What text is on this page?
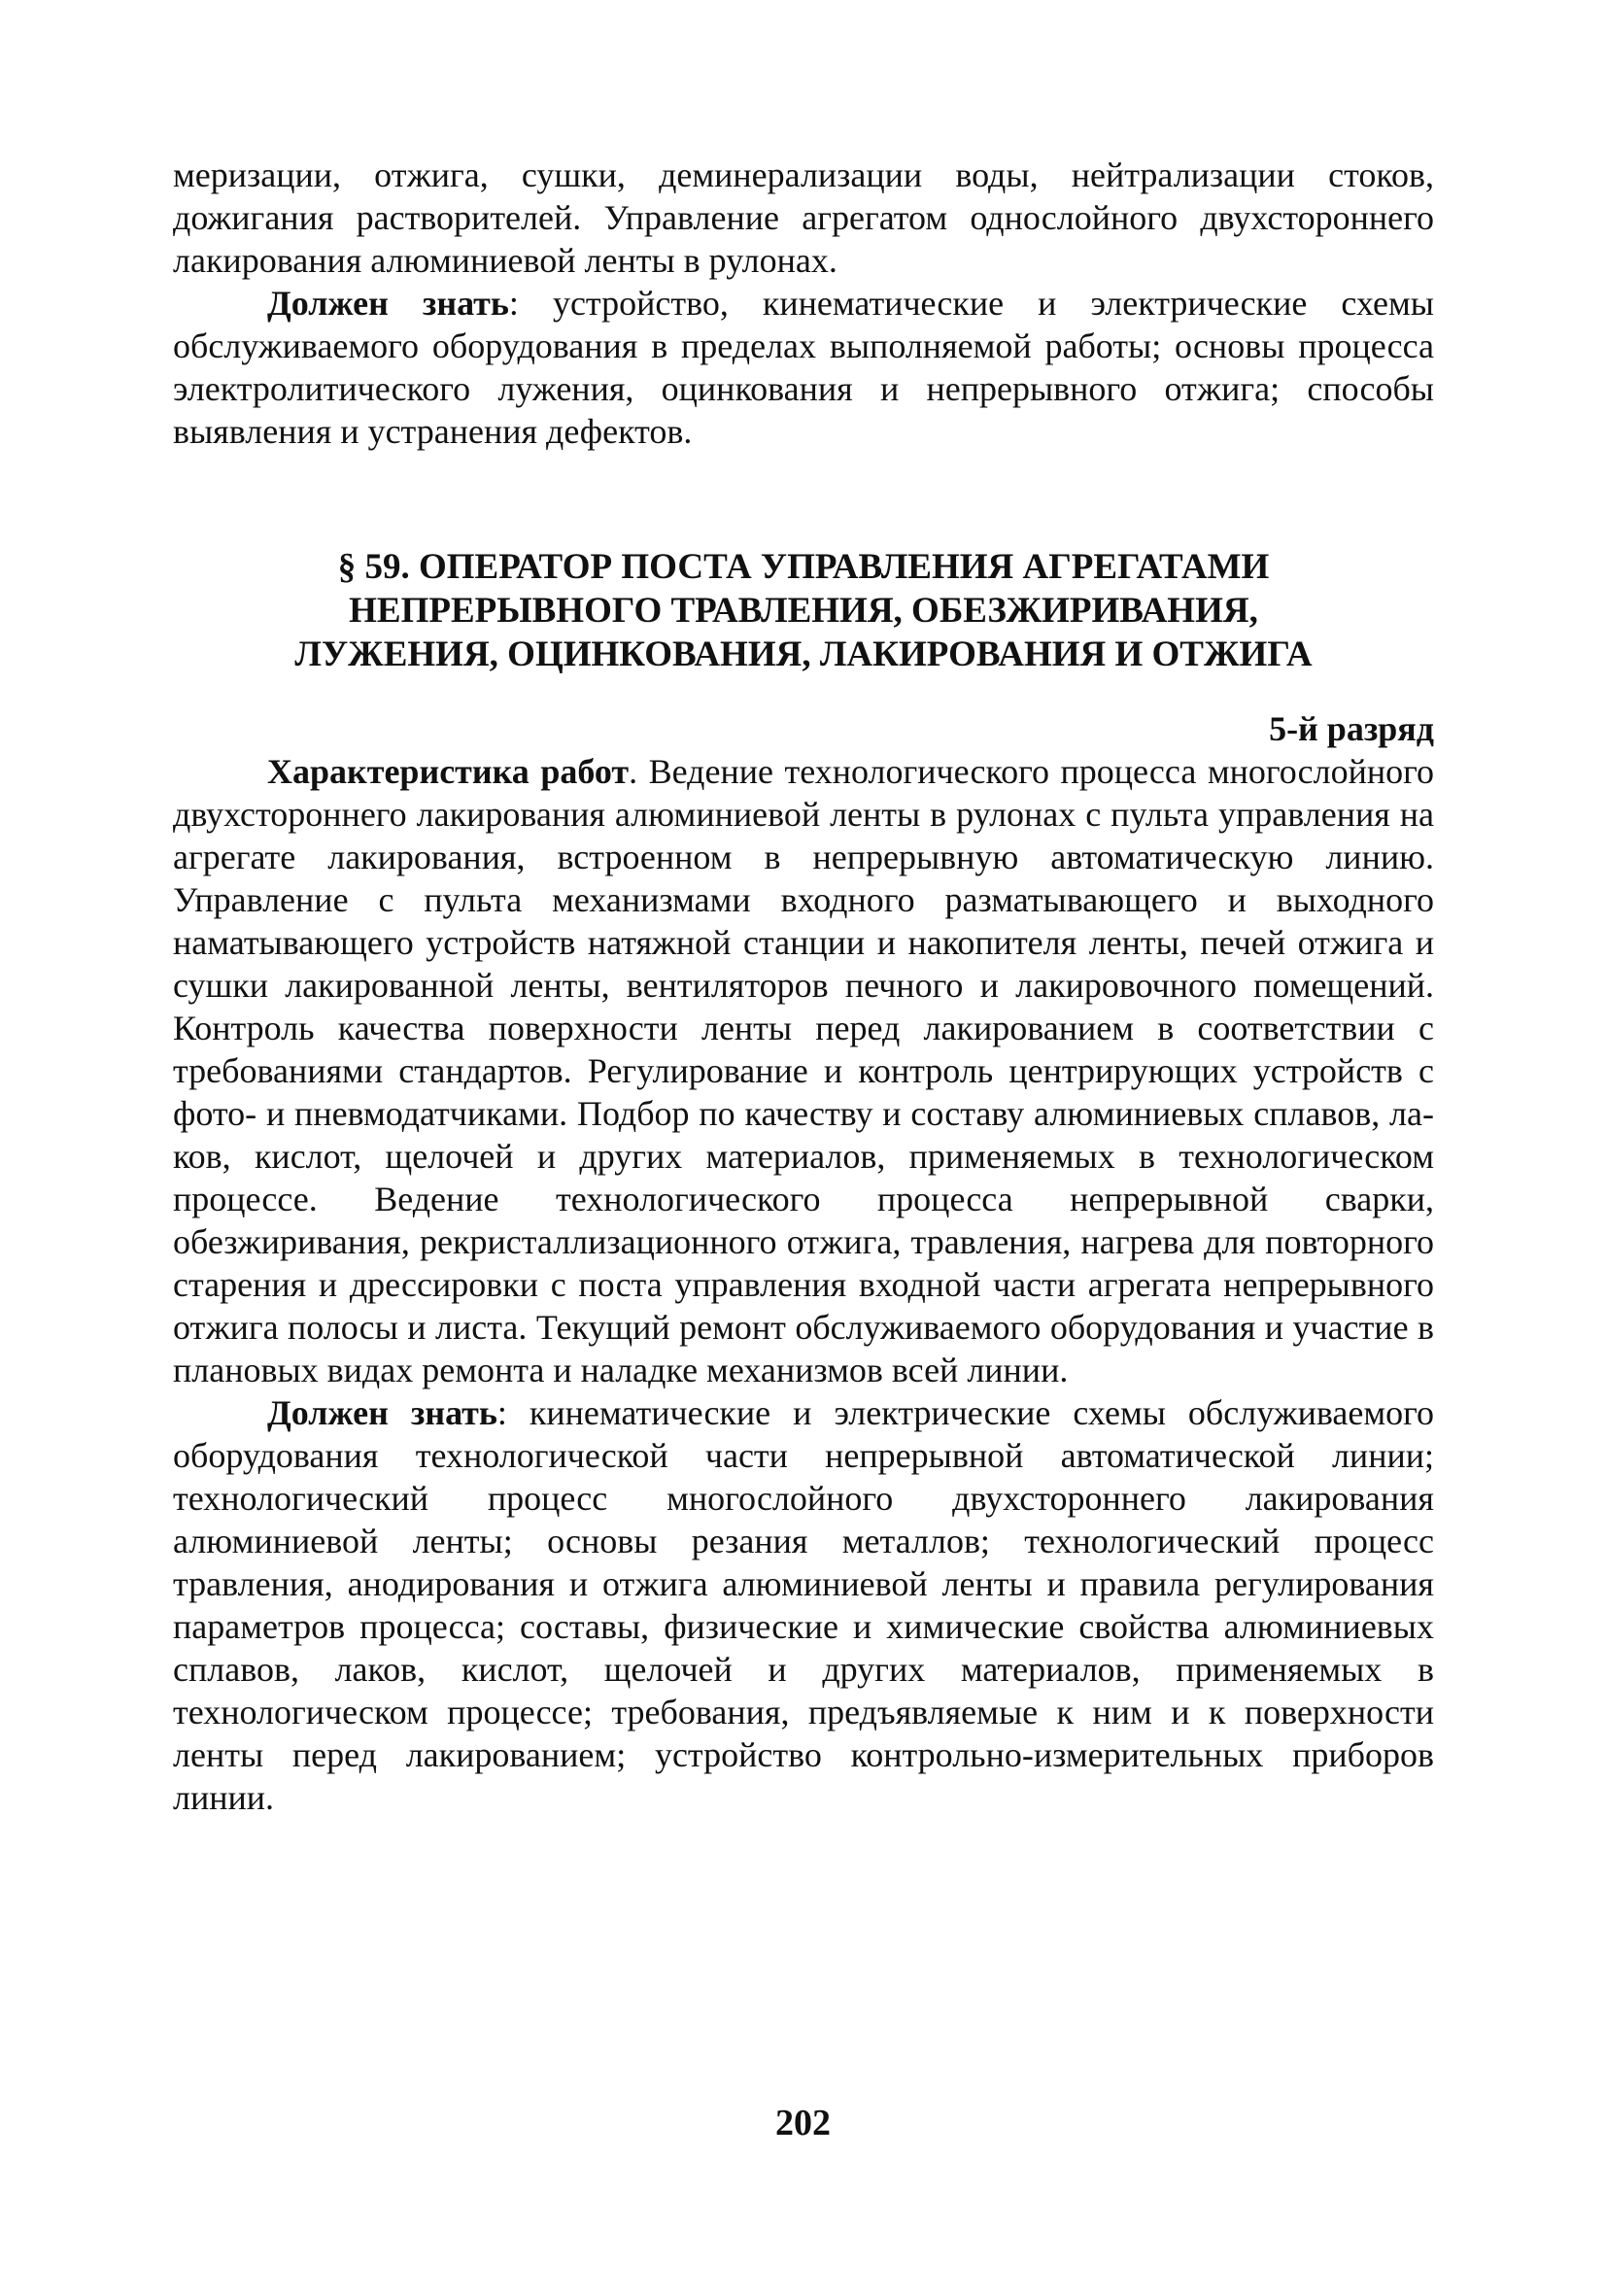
меризации, отжига, сушки, деминерализации воды, нейтрализации стоков, дожигания растворителей. Управление агрегатом однослойного двухстороннего лакирования алюминиевой ленты в рулонах.

Должен знать: устройство, кинематические и электрические схемы обслуживаемого оборудования в пределах выполняемой работы; основы процесса электролитического лужения, оцинкования и непрерывного отжига; способы выявления и устранения дефектов.

§ 59. ОПЕРАТОР ПОСТА УПРАВЛЕНИЯ АГРЕГАТАМИ
НЕПРЕРЫВНОГО ТРАВЛЕНИЯ, ОБЕЗЖИРИВАНИЯ,
ЛУЖЕНИЯ, ОЦИНКОВАНИЯ, ЛАКИРОВАНИЯ И ОТЖИГА
5-й разряд

Характеристика работ. Ведение технологического процесса многослойного двухстороннего лакирования алюминиевой ленты в рулонах с пульта управления на агрегате лакирования, встроенном в непрерывную автоматическую линию. Управление с пульта механизмами входного разматывающего и выходного наматывающего устройств натяжной станции и накопителя ленты, печей отжига и сушки лакированной ленты, вентиляторов печного и лакировочного помещений. Контроль качества поверхности ленты перед лакированием в соответствии с требованиями стандартов. Регулирование и контроль центрирующих устройств с фото- и пневмодатчиками. Подбор по качеству и составу алюминиевых сплавов, лаков, кислот, щелочей и других материалов, применяемых в технологическом процессе. Ведение технологического процесса непрерывной сварки, обезжиривания, рекристаллизационного отжига, травления, нагрева для повторного старения и дрессировки с поста управления входной части агрегата непрерывного отжига полосы и листа. Текущий ремонт обслуживаемого оборудования и участие в плановых видах ремонта и наладке механизмов всей линии.

Должен знать: кинематические и электрические схемы обслуживаемого оборудования технологической части непрерывной автоматической линии; технологический процесс многослойного двухстороннего лакирования алюминиевой ленты; основы резания металлов; технологический процесс травления, анодирования и отжига алюминиевой ленты и правила регулирования параметров процесса; составы, физические и химические свойства алюминиевых сплавов, лаков, кислот, щелочей и других материалов, применяемых в технологическом процессе; требования, предъявляемые к ним и к поверхности ленты перед лакированием; устройство контрольно-измерительных приборов линии.

202
